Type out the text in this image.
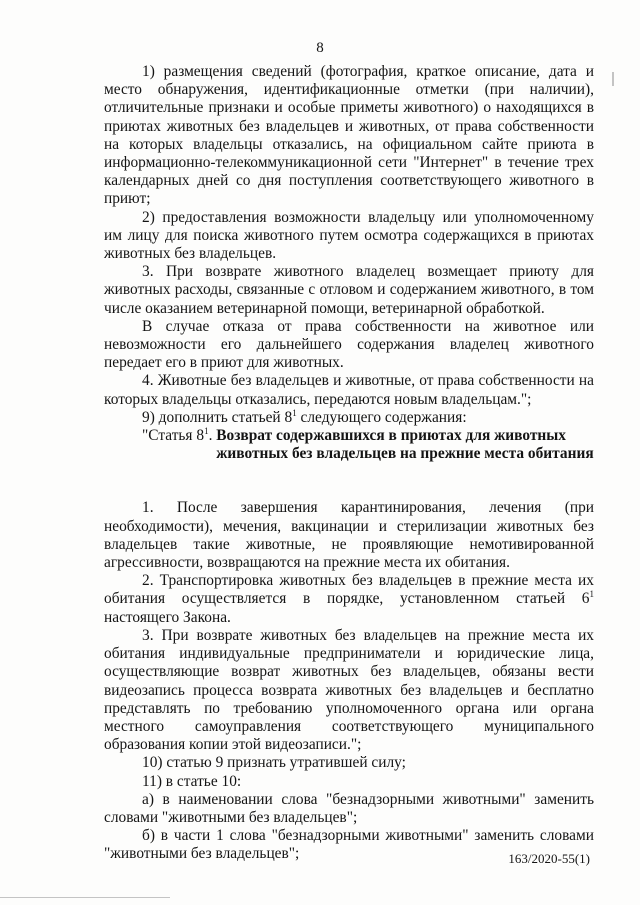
8

1) размещения сведений (фотография, краткое описание, дата и место обнаружения, идентификационные отметки (при наличии), отличительные признаки и особые приметы животного) о находящихся в приютах животных без владельцев и животных, от права собственности на которых владельцы отказались, на официальном сайте приюта в информационно-телекоммуникационной сети "Интернет" в течение трех календарных дней со дня поступления соответствующего животного в приют;

2) предоставления возможности владельцу или уполномоченному им лицу для поиска животного путем осмотра содержащихся в приютах животных без владельцев.

3. При возврате животного владелец возмещает приюту для животных расходы, связанные с отловом и содержанием животного, в том числе оказанием ветеринарной помощи, ветеринарной обработкой.

В случае отказа от права собственности на животное или невозможности его дальнейшего содержания владелец животного передает его в приют для животных.

4. Животные без владельцев и животные, от права собственности на которых владельцы отказались, передаются новым владельцам.";

9) дополнить статьей $8^1$ следующего содержания:

"Статья $8^1$. Возврат содержавшихся в приютах для животных
животных без владельцев на прежние места обитания

1. После завершения карантинирования, лечения (при необходимости), мечения, вакцинации и стерилизации животных без владельцев такие животные, не проявляющие немотивированной агрессивности, возвращаются на прежние места их обитания.

2. Транспортировка животных без владельцев в прежние места их обитания осуществляется в порядке, установленном статьей $6^1$ настоящего Закона.

3. При возврате животных без владельцев на прежние места их обитания индивидуальные предприниматели и юридические лица, осуществляющие возврат животных без владельцев, обязаны вести видеозапись процесса возврата животных без владельцев и бесплатно представлять по требованию уполномоченного органа или органа местного самоуправления соответствующего муниципального образования копии этой видеозаписи.";

10) статью 9 признать утратившей силу;

11) в статье 10:

а) в наименовании слова "безнадзорными животными" заменить словами "животными без владельцев";

б) в части 1 слова "безнадзорными животными" заменить словами "животными без владельцев";	163/2020-55(1)
